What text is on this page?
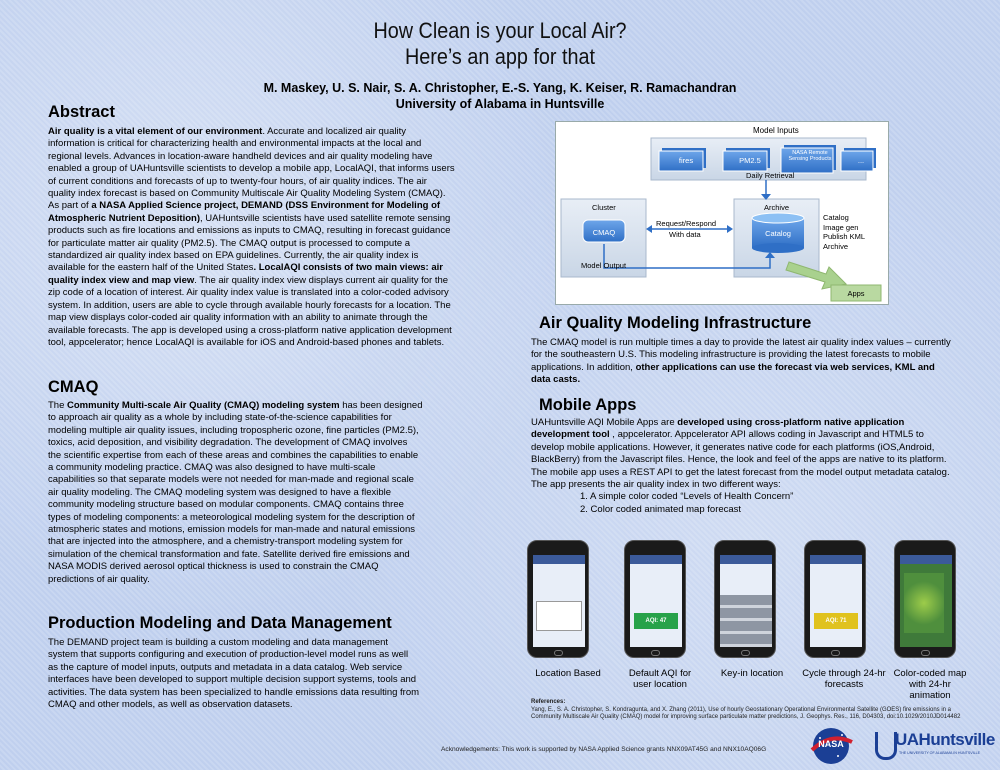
How Clean is your Local Air?
Here’s an app for that
M. Maskey, U. S. Nair, S. A. Christopher, E.-S. Yang, K. Keiser, R. Ramachandran
University of Alabama in Huntsville
Abstract
Air quality is a vital element of our environment. Accurate and localized air quality information is critical for characterizing health and environmental impacts at the local and regional levels. Advances in location-aware handheld devices and air quality modeling have enabled a group of UAHuntsville scientists to develop a mobile app, LocalAQI, that informs users of current conditions and forecasts of up to twenty-four hours, of air quality indices. The air quality index forecast is based on Community Multiscale Air Quality Modeling System (CMAQ). As part of a NASA Applied Science project, DEMAND (DSS Environment for Modeling of Atmospheric Nutrient Deposition), UAHuntsville scientists have used satellite remote sensing products such as fire locations and emissions as inputs to CMAQ, resulting in forecast guidance for particulate matter air quality (PM2.5). The CMAQ output is processed to compute a standardized air quality index based on EPA guidelines. Currently, the air quality index is available for the eastern half of the United States. LocalAQI consists of two main views: air quality index view and map view. The air quality index view displays current air quality for the zip code of a location of interest. Air quality index value is translated into a color-coded advisory system. In addition, users are able to cycle through available hourly forecasts for a location. The map view displays color-coded air quality information with an ability to animate through the available forecasts. The app is developed using a cross-platform native application development tool, appcelerator; hence LocalAQI is available for iOS and Android-based phones and tablets.
CMAQ
The Community Multi-scale Air Quality (CMAQ) modeling system has been designed to approach air quality as a whole by including state-of-the-science capabilities for modeling multiple air quality issues, including tropospheric ozone, fine particles (PM2.5), toxics, acid deposition, and visibility degradation. The development of CMAQ involves the scientific expertise from each of these areas and combines the capabilities to enable a community modeling practice. CMAQ was also designed to have multi-scale capabilities so that separate models were not needed for man-made and regional scale air quality modeling. The CMAQ modeling system was designed to have a flexible community modeling structure based on modular components. CMAQ contains three types of modeling components: a meteorological modeling system for the description of atmospheric states and motions, emission models for man-made and natural emissions that are injected into the atmosphere, and a chemistry-transport modeling system for simulation of the chemical transformation and fate. Satellite derived fire emissions and NASA MODIS derived aerosol optical thickness is used to constrain the CMAQ predictions of air quality.
Production Modeling and Data Management
The DEMAND project team is building a custom modeling and data management system that supports configuring and execution of production-level model runs as well as the capture of model inputs, outputs and metadata in a data catalog. Web service interfaces have been developed to support multiple decision support systems, tools and activities. The data system has been specialized to handle emissions data resulting from CMAQ and other models, as well as observation datasets.
Model Inputs
fires	PM2.5
NASA Remote Sensing Products	...
Daily Retrieval
Cluster	Archive
CMAQ	Catalog
Request/Respond
With data
Catalog
Image gen
Publish KML
Archive
Model Output
Apps
Air Quality Modeling Infrastructure
The CMAQ model is run multiple times a day to provide the latest air quality index values – currently for the southeastern U.S. This modeling infrastructure is providing the latest forecasts to mobile applications. In addition, other applications can use the forecast via web services, KML and data casts.
Mobile Apps
UAHuntsville AQI Mobile Apps are developed using cross-platform native application development tool , appcelerator. Appcelerator API allows coding in Javascript and HTML5 to develop mobile applications. However, it generates native code for each platforms (iOS,Android, BlackBerry) from the Javascript files. Hence, the look and feel of the apps are native to its platform. The mobile app uses a REST API to get the latest forecast from the model output metadata catalog. The app presents the air quality index in two different ways:
1. A simple color coded “Levels of Health Concern”
2. Color coded animated map forecast
AQI: 47	AQI: 71
Location Based	Default AQI for user location
Key-in location	Cycle through 24-hr forecasts
Color-coded map with 24-hr animation
References:
Yang, E., S. A. Christopher, S. Kondragunta, and X. Zhang (2011), Use of hourly Geostationary Operational Environmental Satellite (GOES) fire emissions in a Community Multiscale Air Quality (CMAQ) model for improving surface particulate matter predictions, J. Geophys. Res., 116, D04303, doi:10.1029/2010JD014482
Acknowledgements: This work is supported by NASA Applied Science grants NNX09AT45G and NNX10AQ06G
NASA	UAHuntsville
THE UNIVERSITY OF ALABAMA IN HUNTSVILLE
